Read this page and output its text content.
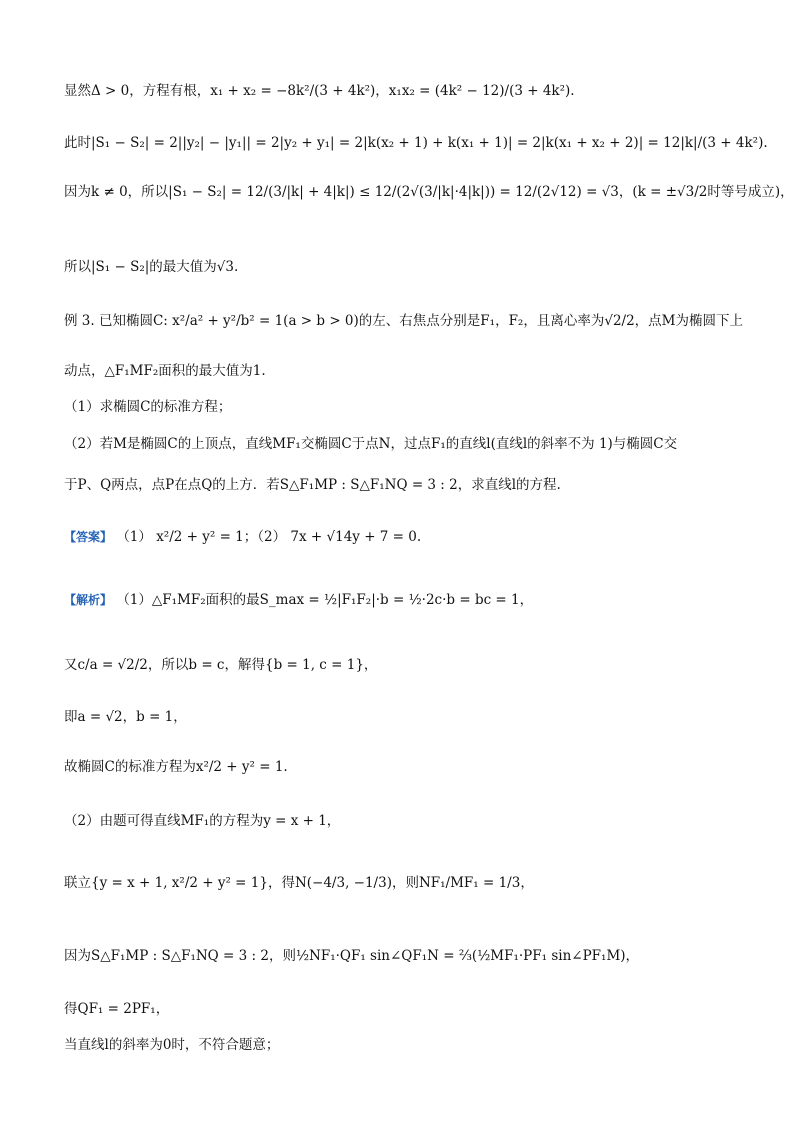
显然Δ > 0，方程有根，x₁ + x₂ = −8k²/(3 + 4k²)，x₁x₂ = (4k² − 12)/(3 + 4k²).
此时|S₁ − S₂| = 2||y₂| − |y₁|| = 2|y₂ + y₁| = 2|k(x₂ + 1) + k(x₁ + 1)| = 2|k(x₁ + x₂ + 2)| = 12|k|/(3 + 4k²).
因为k ≠ 0，所以|S₁ − S₂| = 12/(3/|k| + 4|k|) ≤ 12/(2√(3/|k|·4|k|)) = 12/(2√12) = √3，(k = ±√3/2时等号成立)，
所以|S₁ − S₂|的最大值为√3.
例 3. 已知椭圆C: x²/a² + y²/b² = 1(a > b > 0)的左、右焦点分别是F₁，F₂，且离心率为√2/2，点M为椭圆下上
动点，△F₁MF₂面积的最大值为1.
（1）求椭圆C的标准方程；
（2）若M是椭圆C的上顶点，直线MF₁交椭圆C于点N，过点F₁的直线l(直线l的斜率不为 1)与椭圆C交
于P、Q两点，点P在点Q的上方．若S△F₁MP : S△F₁NQ = 3 : 2，求直线l的方程.
【答案】 （1） x²/2 + y² = 1；（2） 7x + √14y + 7 = 0.
【解析】 （1）△F₁MF₂面积的最S_max = ½|F₁F₂|·b = ½·2c·b = bc = 1，
又c/a = √2/2，所以b = c，解得{b = 1, c = 1}，
即a = √2，b = 1，
故椭圆C的标准方程为x²/2 + y² = 1.
（2）由题可得直线MF₁的方程为y = x + 1，
联立{y = x + 1, x²/2 + y² = 1}，得N(−4/3, −1/3)，则NF₁/MF₁ = 1/3，
因为S△F₁MP : S△F₁NQ = 3 : 2，则½NF₁·QF₁ sin∠QF₁N = ⅔(½MF₁·PF₁ sin∠PF₁M)，
得QF₁ = 2PF₁，
当直线l的斜率为0时，不符合题意；
